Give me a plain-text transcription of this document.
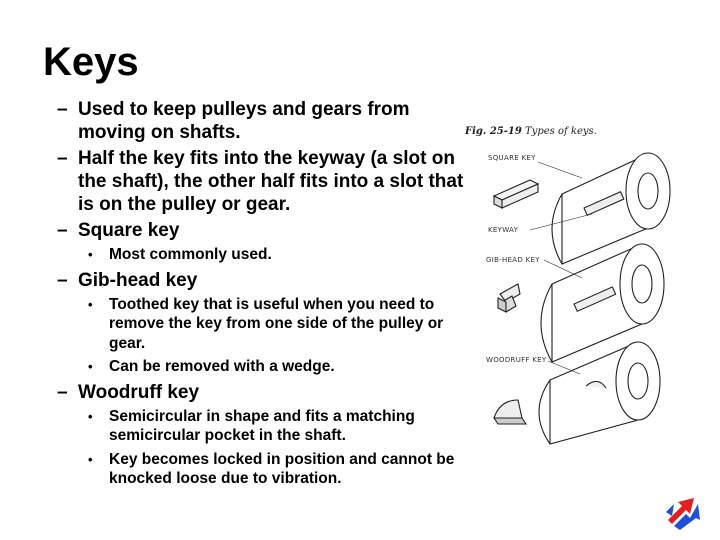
Keys
– Used to keep pulleys and gears from moving on shafts.
– Half the key fits into the keyway (a slot on the shaft), the other half fits into a slot that is on the pulley or gear.
– Square key
• Most commonly used.
– Gib-head key
• Toothed key that is useful when you need to remove the key from one side of the pulley or gear.
• Can be removed with a wedge.
– Woodruff key
• Semicircular in shape and fits a matching semicircular pocket in the shaft.
• Key becomes locked in position and cannot be knocked loose due to vibration.
Fig. 25-19 Types of keys.
SQUARE KEY
KEYWAY
GIB-HEAD KEY
WOODRUFF KEY
